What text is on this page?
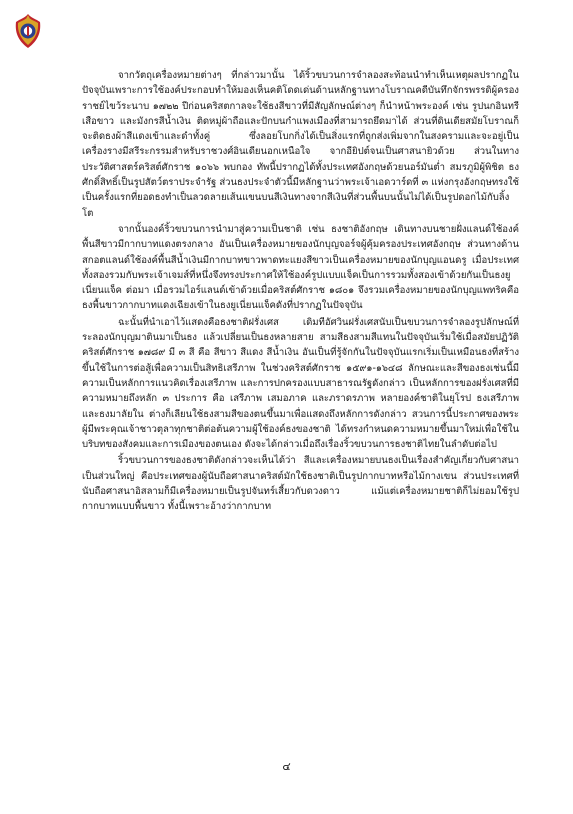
จากวัตถุเครื่องหมายต่างๆ ที่กล่าวมานั้น ได้ริ้วขบวนการจำลองสะท้อนนำทำเห็นเหตุผลปรากฏในปัจจุบันเพราะการใช้องค์ประกอบทำให้มองเห็นคติโดดเด่นด้านหลักฐานทางโบราณคดีบันทึกจักรพรรดิผู้ครองราชย์ไขว้ระนาบ ๑๗๒๒ ปีก่อนคริสตกาลจะใช้ธงสีขาวที่มีสัญลักษณ์ต่างๆ ก็นำหน้าพระองค์ เช่น รูปนกอินทรี เสือขาว และมังกรสีน้ำเงิน ติดหมู่ผ้าถือและปักบนกำแพงเมืองที่สามารถยึดมาได้ ส่วนที่ดินเดียสมัยโบราณก็จะติดธงผ้าสีแดงเข้าและดำทั้งคู่ ซึ่งลอยโบกกิ่งได้เป็นสิ่งแรกที่ถูกส่งเพิ่มจากในสงครามและจะอยู่เป็นเครื่องรางมีสรีระกรรมสำหรับราชวงศ์อินเดียนอกเหนือใจ จากอียิปต์จนเป็นศาสนายิวด้วย ส่วนในทางประวัติศาสตร์คริสต์ศักราช ๑๐๖๖ พบกอง ทัพนี้ปรากฏได้ทั้งประเทศอังกฤษด้วยนอร์มันต่ำ สมรภูมิผู้พิชิต ธงศักดิ์สิทธิ์เป็นรูปสัตว์ตราประจำรัฐ ส่วนธงประจำตัวนี้มีหลักฐานว่าพระเจ้าเอดวาร์ดที่ ๓ แห่งกรุงอังกฤษทรงใช้เป็นครั้งแรกที่ยอดธงทำเป็นลวดลายเส้นแขนบนสีเงินทางจากสีเงินที่ส่วนพื้นบนนั้นไม่ได้เป็นรูปดอกไม้กับลิ้งโต

จากนั้นองค์ริ้วขบวนการนำมาสู่ความเป็นชาติ เช่น ธงชาติอังกฤษ เดินทางบนชายฝั่งแลนด์ใช้องค์พื้นสีขาวมีกากบาทแดงตรงกลาง อันเป็นเครื่องหมายของนักบุญจอร์จผู้คุ้มครองประเทศอังกฤษ ส่วนทางด้านสกอตแลนด์ใช้องค์พื้นสีน้ำเงินมีกากบาทขาวพาดทะแยงสีขาวเป็นเครื่องหมายของนักบุญแอนดรู เมื่อประเทศทั้งสองรวมกับพระเจ้าเจมส์ที่หนึ่งจึงทรงประกาศให้ใช้องค์รูปแบบแจ็คเป็นการรวมทั้งสองเข้าด้วยกันเป็นธงยูเนี่ยนแจ็ค ต่อมา เมื่อรวมไอร์แลนด์เข้าด้วยเมื่อคริสต์ศักราช ๑๘๐๑ จึงรวมเครื่องหมายของนักบุญแพทริคคือธงพื้นขาวกากบาทแดงเฉียงเข้าในธงยูเนี่ยนแจ็คดังที่ปรากฏในปัจจุบัน

ฉะนั้นที่นำเอาไว้แสดงคือธงชาติฝรั่งเศส เดิมทีอัศวินฝรั่งเศสนับเป็นขบวนการจำลองรูปลักษณ์ที่ระลองนักบุญมาตินมาเป็นธง แล้วเปลี่ยนเป็นธงหลายสาย สามสีธงสามสีแทนในปัจจุบันเริ่มใช้เมื่อสมัยปฏิวัติคริสต์ศักราช ๑๗๘๙ มี ๓ สี คือ สีขาว สีแดง สีน้ำเงิน อันเป็นที่รู้จักกันในปัจจุบันแรกเริ่มเป็นเหมือนธงที่สร้างขึ้นใช้ในการต่อสู้เพื่อความเป็นสิทธิเสรีภาพ ในช่วงคริสต์ศักราช ๑๕๙๑-๑๖๔๘ ลักษณะและสีของธงเช่นนี้มีความเป็นหลักการแนวคิดเรื่องเสรีภาพ และการปกครองแบบสาธารณรัฐดังกล่าว เป็นหลักการของฝรั่งเศสที่มีความหมายถึงหลัก ๓ ประการ คือ เสรีภาพ เสมอภาค และภราดรภาพ หลายองค์ชาติในยุโรป ธงเสรีภาพ และธงมาลัยใน ต่างก็เลียนใช้ธงสามสีของตนขึ้นมาเพื่อแสดงถึงหลักการดังกล่าว สวนการนี้ประกาศของพระผู้มีพระคุณเจ้าชาวตุลาทุกชาติต่อต้นความผู้ใช้องค์ธงของชาติ ได้ทรงกำหนดความหมายขึ้นมาใหม่เพื่อใช้ในบริบทของสังคมและการเมืองของตนเอง ดังจะได้กล่าวเมื่อถึงเรื่องริ้วขบวนการธงชาติไทยในลำดับต่อไป

ริ้วขบวนการของธงชาติดังกล่าวจะเห็นได้ว่า สีและเครื่องหมายบนธงเป็นเรื่องสำคัญเกี่ยวกับศาสนาเป็นส่วนใหญ่ คือประเทศของผู้นับถือศาสนาคริสต์มักใช้ธงชาติเป็นรูปกากบาทหรือไม้กางเขน ส่วนประเทศที่นับถือศาสนาอิสลามก็มีเครื่องหมายเป็นรูปจันทร์เสี้ยวกับดวงดาว แม้แต่เครื่องหมายชาติก็ไม่ยอมใช้รูปกากบาทแบบพื้นขาว ทั้งนี้เพราะอ้างว่ากากบาท

๔
